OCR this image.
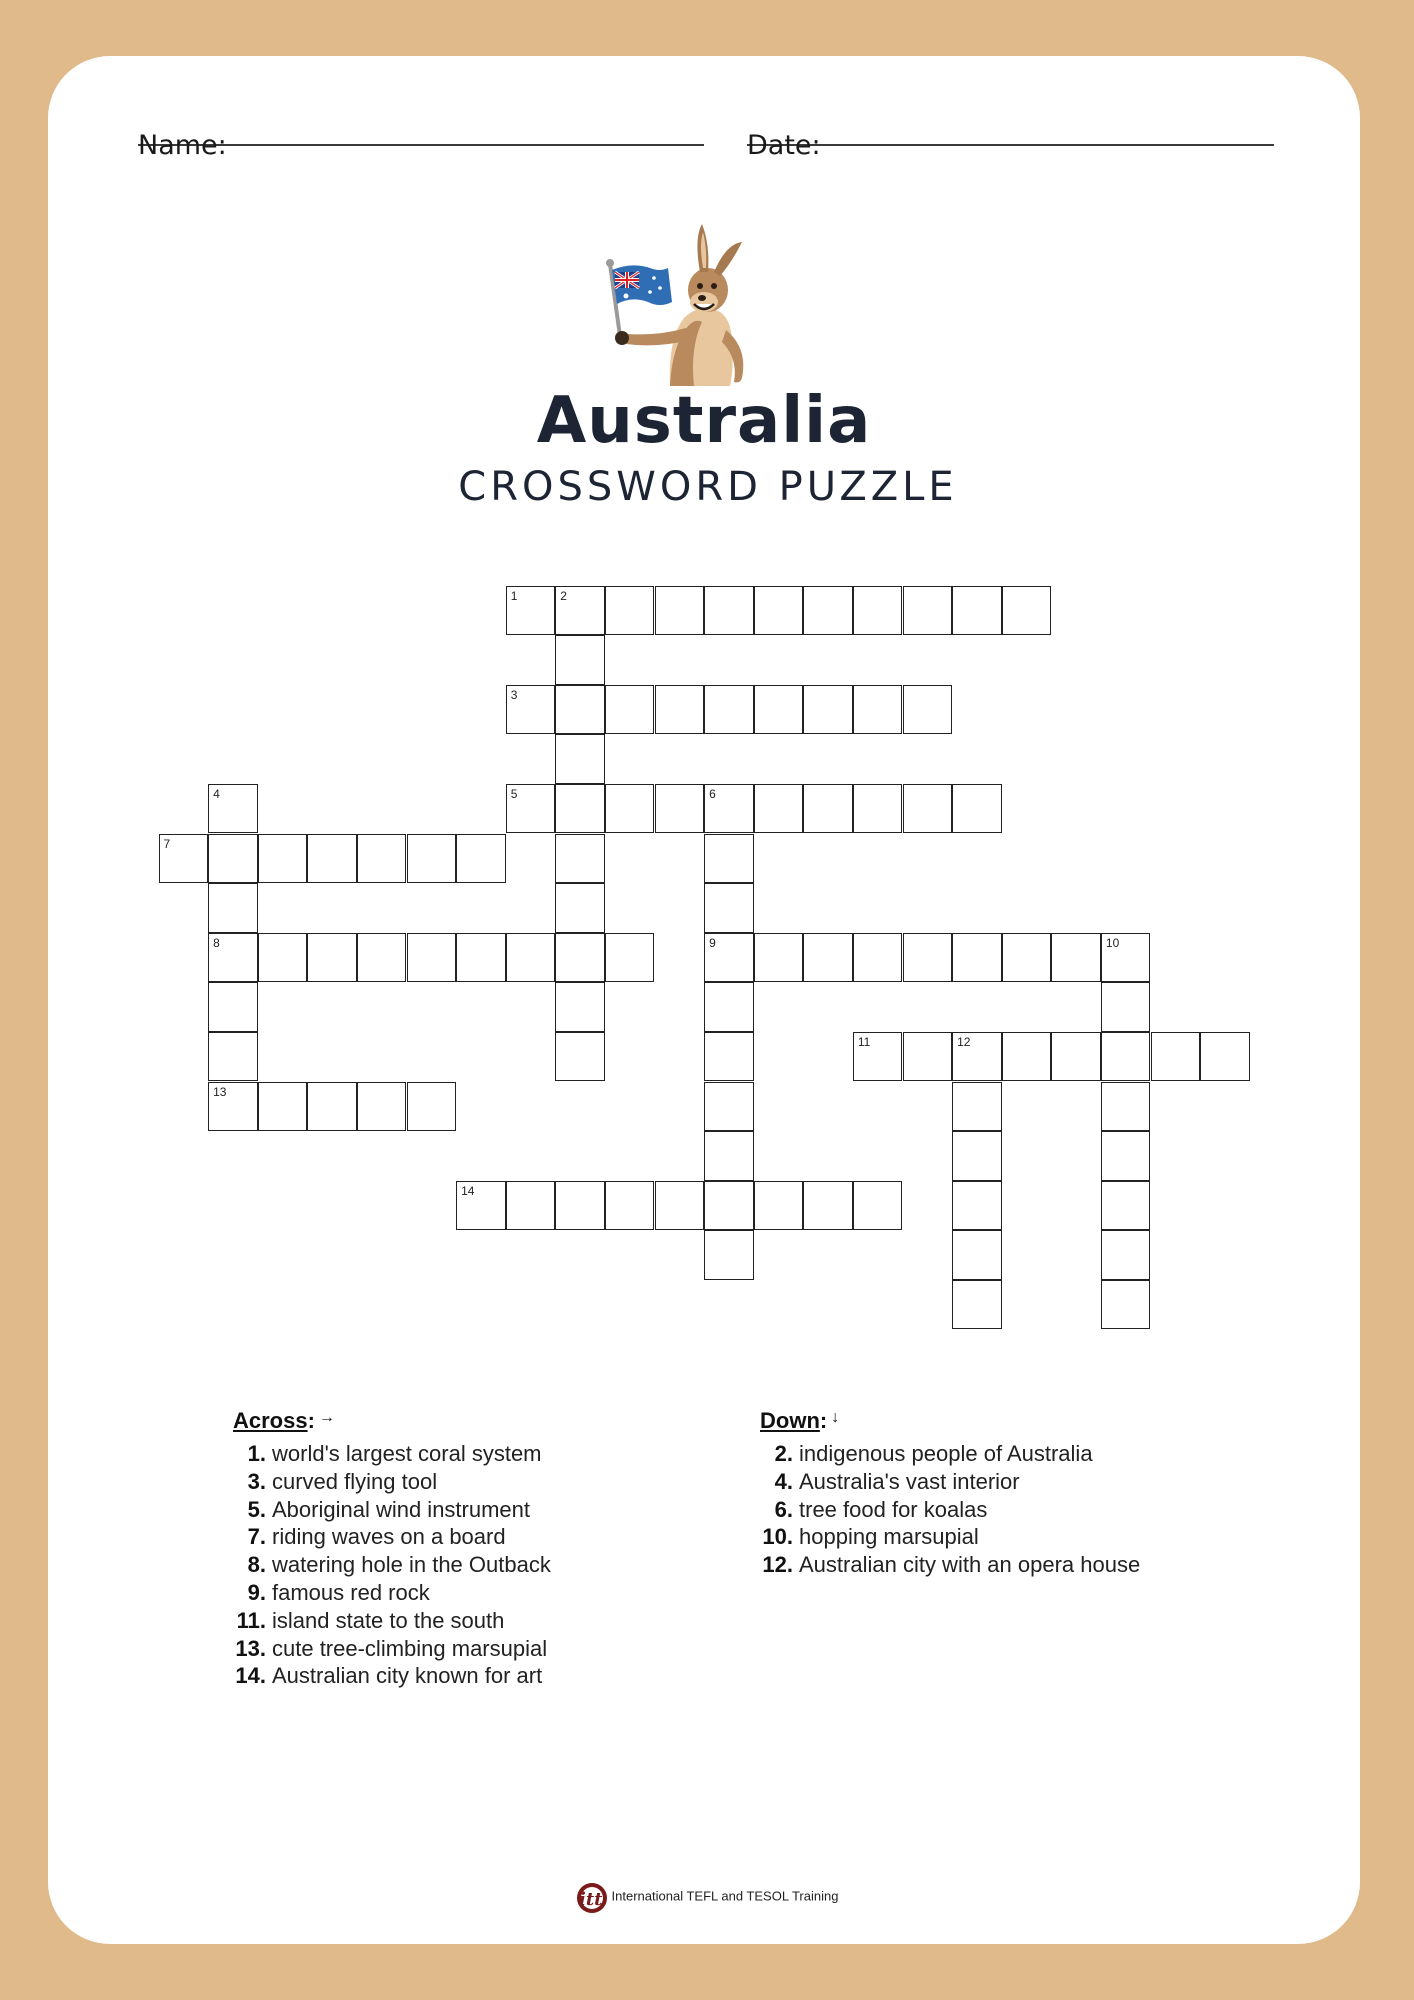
Name:	Date:
Australia
CROSSWORD PUZZLE
1	2
3
4
8
13
5	6
9
7
10
11	12
14
Across: →
1. world's largest coral system
3. curved flying tool
5. Aboriginal wind instrument
7. riding waves on a board
8. watering hole in the Outback
9. famous red rock
11. island state to the south
13. cute tree-climbing marsupial
14. Australian city known for art
Down: ↓
2. indigenous people of Australia
4. Australia's vast interior
6. tree food for koalas
10. hopping marsupial
12. Australian city with an opera house
itt International TEFL and TESOL Training
